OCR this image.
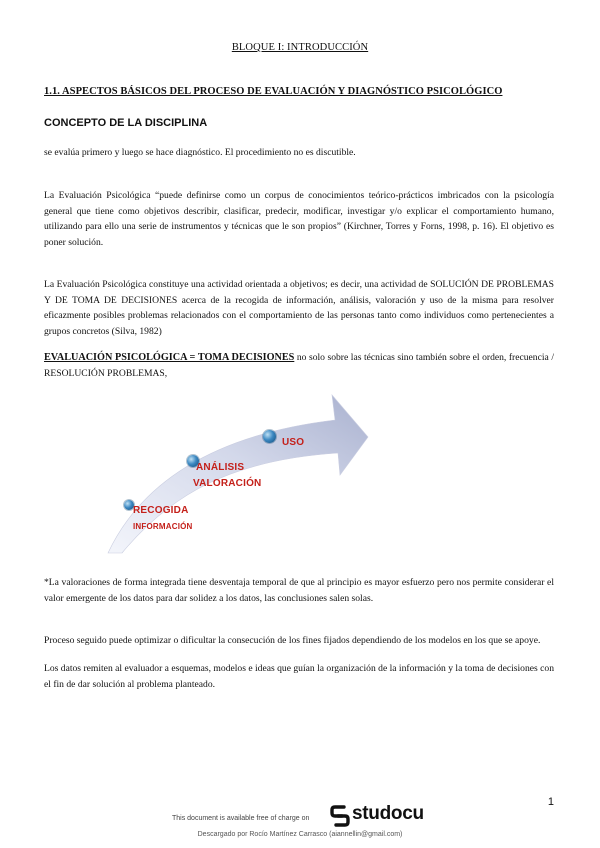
BLOQUE I: INTRODUCCIÓN
1.1. ASPECTOS BÁSICOS DEL PROCESO DE EVALUACIÓN Y DIAGNÓSTICO PSICOLÓGICO
CONCEPTO DE LA DISCIPLINA
se evalúa primero y luego se hace diagnóstico. El procedimiento no es discutible.
La Evaluación Psicológica “puede definirse como un corpus de conocimientos teórico-prácticos imbricados con la psicología general que tiene como objetivos describir, clasificar, predecir, modificar, investigar y/o explicar el comportamiento humano, utilizando para ello una serie de instrumentos y técnicas que le son propios” (Kirchner, Torres y Forns, 1998, p. 16). El objetivo es poner solución.
La Evaluación Psicológica constituye una actividad orientada a objetivos; es decir, una actividad de SOLUCIÓN DE PROBLEMAS Y DE TOMA DE DECISIONES acerca de la recogida de información, análisis, valoración y uso de la misma para resolver eficazmente posibles problemas relacionados con el comportamiento de las personas tanto como individuos como pertenecientes a grupos concretos (Silva, 1982)
EVALUACIÓN PSICOLÓGICA = TOMA DECISIONES no solo sobre las técnicas sino también sobre el orden, frecuencia / RESOLUCIÓN PROBLEMAS,
USO
ANÁLISIS
VALORACIÓN
RECOGIDA
INFORMACIÓN
*La valoraciones de forma integrada tiene desventaja temporal de que al principio es mayor esfuerzo pero nos permite considerar el valor emergente de los datos para dar solidez a los datos, las conclusiones salen solas.
Proceso seguido puede optimizar o dificultar la consecución de los fines fijados dependiendo de los modelos en los que se apoye.
Los datos remiten al evaluador a esquemas, modelos e ideas que guían la organización de la información y la toma de decisiones con el fin de dar solución al problema planteado.
1
This document is available free of charge on studocu
Descargado por Rocío Martínez Carrasco (aiannellin@gmail.com)
